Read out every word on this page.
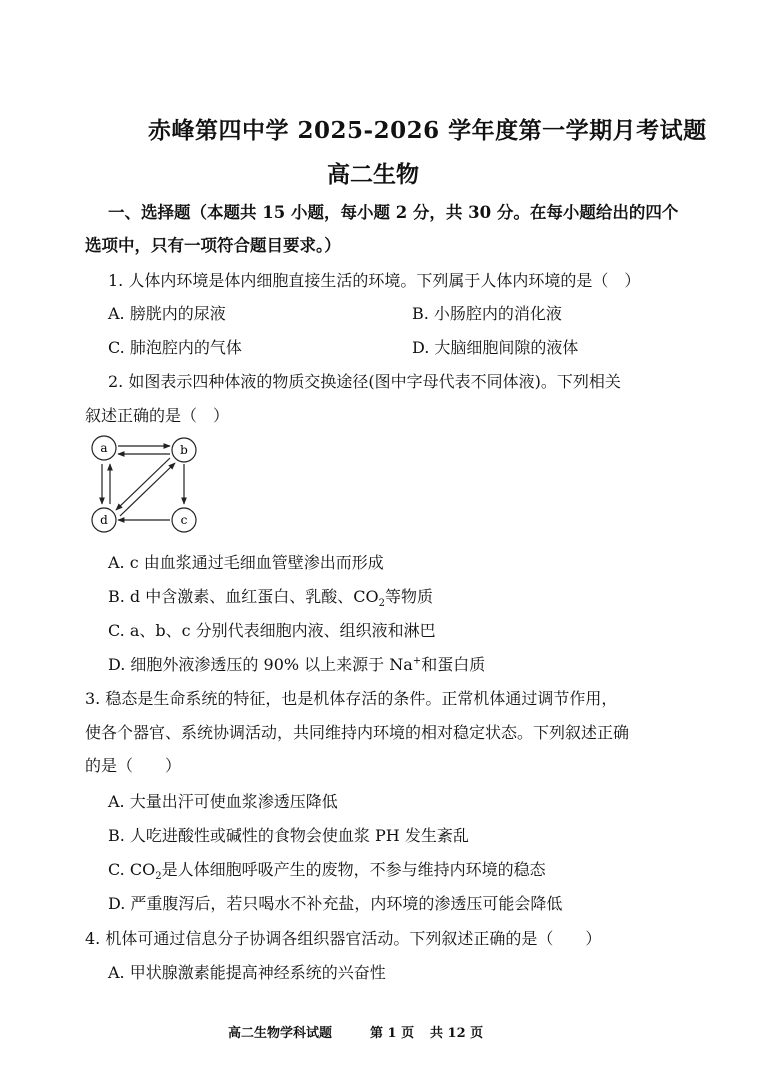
赤峰第四中学 2025-2026 学年度第一学期月考试题
高二生物
一、选择题（本题共 15 小题，每小题 2 分，共 30 分。在每小题给出的四个
选项中，只有一项符合题目要求。）
1. 人体内环境是体内细胞直接生活的环境。下列属于人体内环境的是（　）
A. 膀胱内的尿液	B. 小肠腔内的消化液
C. 肺泡腔内的气体	D. 大脑细胞间隙的液体
2. 如图表示四种体液的物质交换途径(图中字母代表不同体液)。下列相关
叙述正确的是（　）
a	b
d	c
A. c 由血浆通过毛细血管壁渗出而形成
B. d 中含激素、血红蛋白、乳酸、$CO_2$等物质
C. a、b、c 分别代表细胞内液、组织液和淋巴
D. 细胞外液渗透压的 90% 以上来源于 Na+和蛋白质
3. 稳态是生命系统的特征，也是机体存活的条件。正常机体通过调节作用，
使各个器官、系统协调活动，共同维持内环境的相对稳定状态。下列叙述正确
的是（　　）
A. 大量出汗可使血浆渗透压降低
B. 人吃进酸性或碱性的食物会使血浆 PH 发生紊乱
C. $CO_2$是人体细胞呼吸产生的废物，不参与维持内环境的稳态
D. 严重腹泻后，若只喝水不补充盐，内环境的渗透压可能会降低
4. 机体可通过信息分子协调各组织器官活动。下列叙述正确的是（　　）
A. 甲状腺激素能提高神经系统的兴奋性
高二生物学科试题	第 1 页 共 12 页
